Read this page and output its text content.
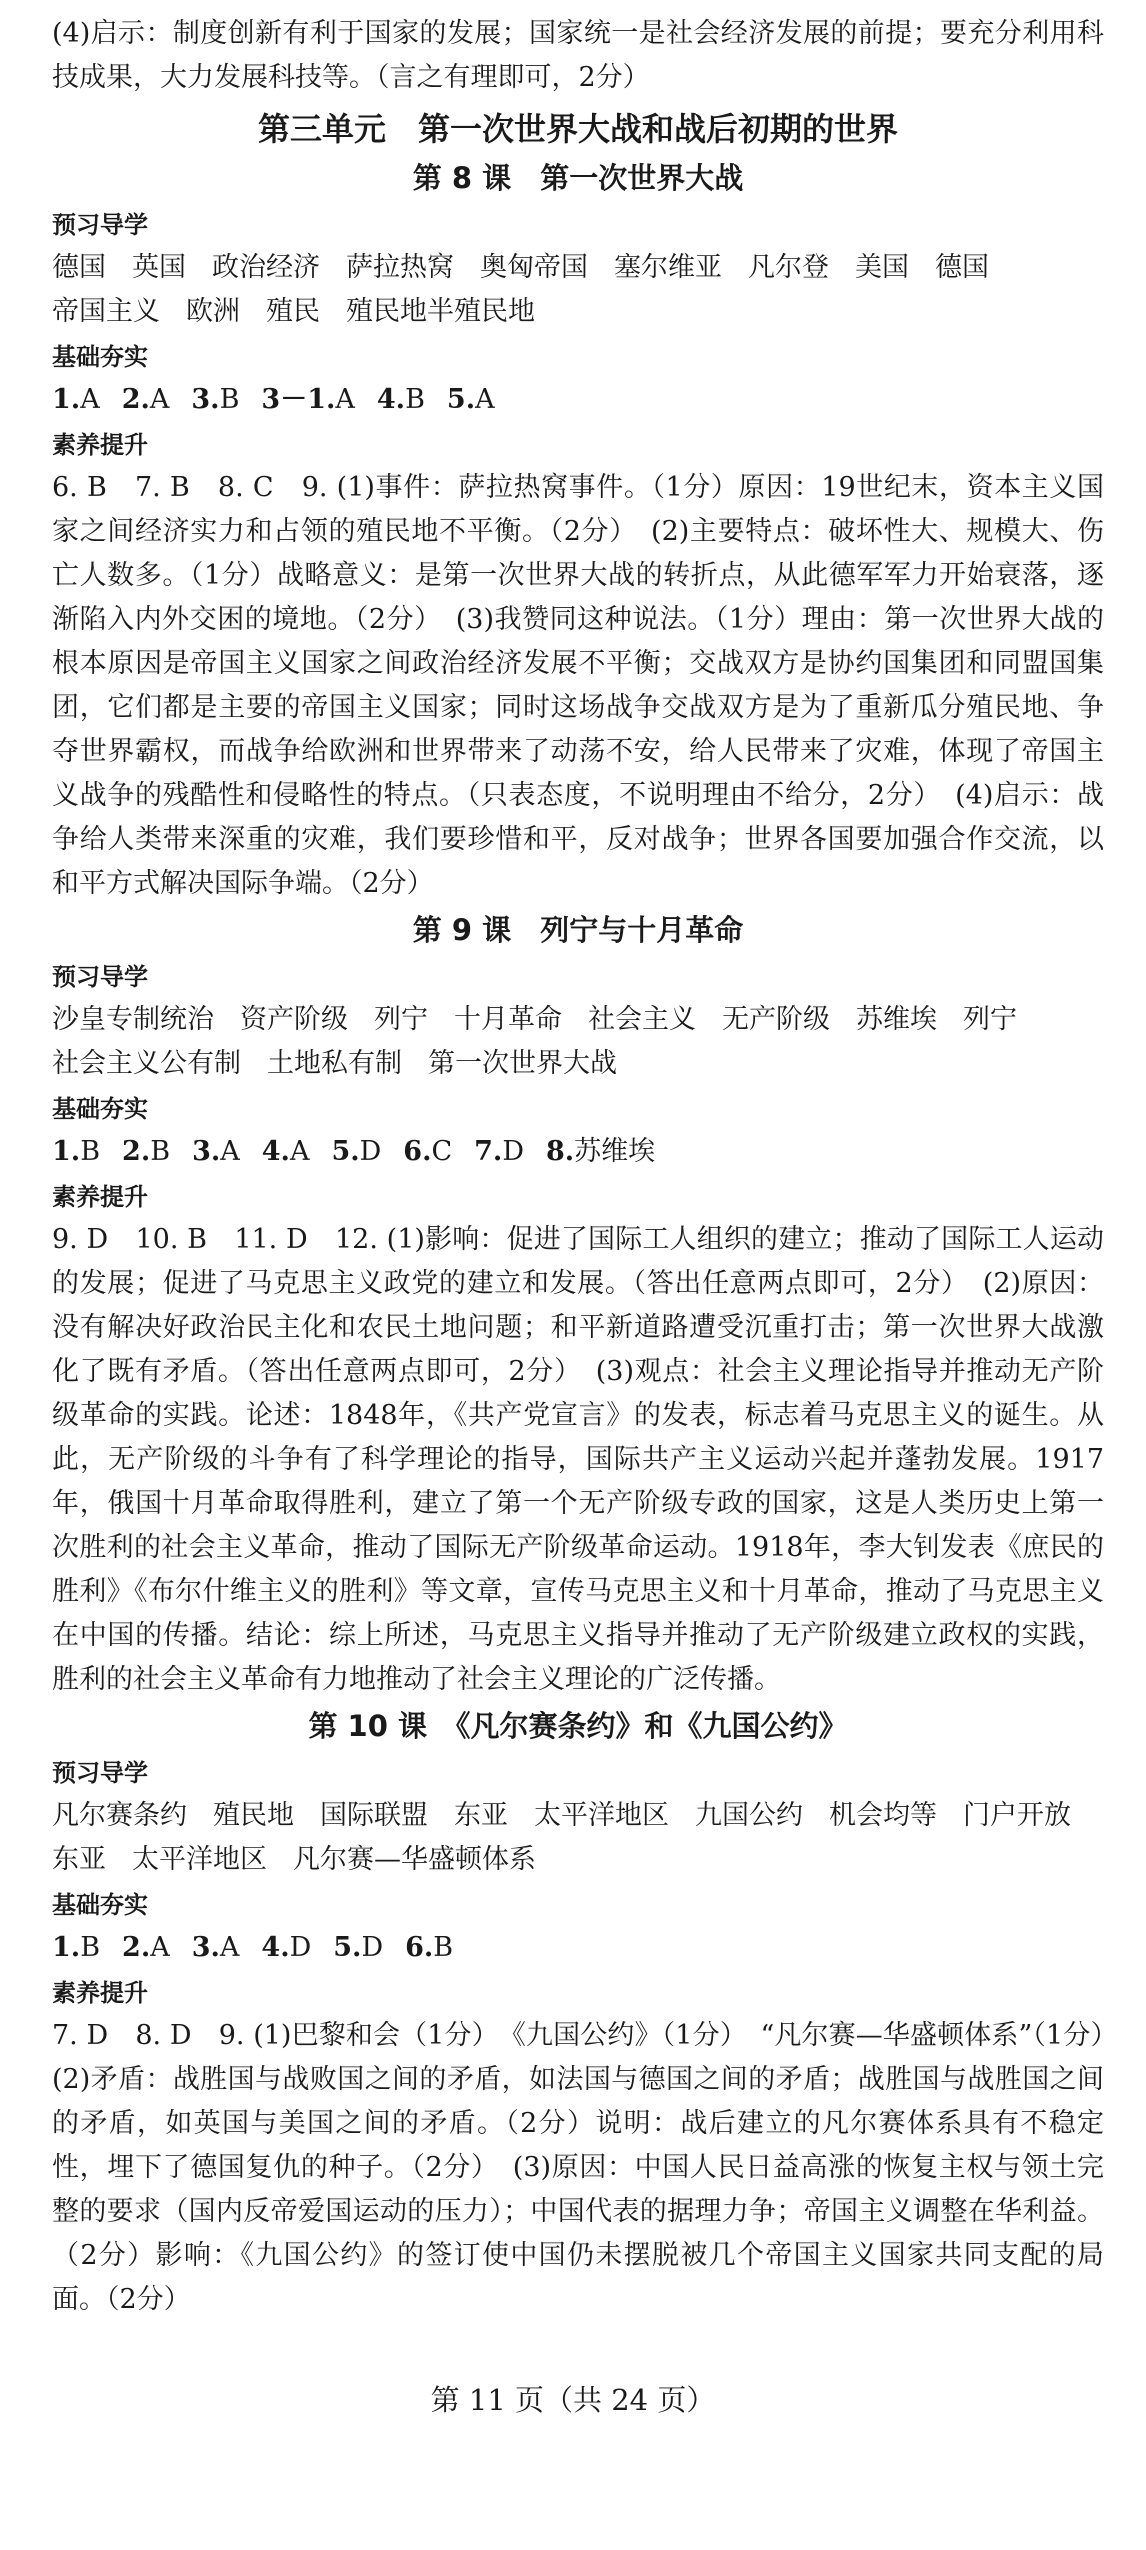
(4)启示：制度创新有利于国家的发展；国家统一是社会经济发展的前提；要充分利用科技成果，大力发展科技等。（言之有理即可，2分）

第三单元　第一次世界大战和战后初期的世界
第 8 课　 第一次世界大战
预习导学
德国 英国 政治经济 萨拉热窝 奥匈帝国 塞尔维亚 凡尔登 美国 德国帝国主义 欧洲 殖民 殖民地半殖民地
基础夯实
1.A 2.A 3.B 3－1.A 4.B 5.A
素养提升

6. B　7. B　8. C　9. (1)事件：萨拉热窝事件。（1分）原因：19世纪末，资本主义国家之间经济实力和占领的殖民地不平衡。（2分）　(2)主要特点：破坏性大、规模大、伤亡人数多。（1分）战略意义：是第一次世界大战的转折点，从此德军军力开始衰落，逐渐陷入内外交困的境地。（2分）　(3)我赞同这种说法。（1分）理由：第一次世界大战的根本原因是帝国主义国家之间政治经济发展不平衡；交战双方是协约国集团和同盟国集团，它们都是主要的帝国主义国家；同时这场战争交战双方是为了重新瓜分殖民地、争夺世界霸权，而战争给欧洲和世界带来了动荡不安，给人民带来了灾难，体现了帝国主义战争的残酷性和侵略性的特点。（只表态度，不说明理由不给分，2分）　(4)启示：战争给人类带来深重的灾难，我们要珍惜和平，反对战争；世界各国要加强合作交流，以和平方式解决国际争端。（2分）

第 9 课　 列宁与十月革命
预习导学
沙皇专制统治 资产阶级 列宁 十月革命 社会主义 无产阶级 苏维埃 列宁社会主义公有制 土地私有制 第一次世界大战
基础夯实
1.B 2.B 3.A 4.A 5.D 6.C 7.D 8.苏维埃
素养提升

9. D　10. B　11. D　12. (1)影响：促进了国际工人组织的建立；推动了国际工人运动的发展；促进了马克思主义政党的建立和发展。（答出任意两点即可，2分）　(2)原因：没有解决好政治民主化和农民土地问题；和平新道路遭受沉重打击；第一次世界大战激化了既有矛盾。（答出任意两点即可，2分）　(3)观点：社会主义理论指导并推动无产阶级革命的实践。论述：1848年，《共产党宣言》的发表，标志着马克思主义的诞生。从此，无产阶级的斗争有了科学理论的指导，国际共产主义运动兴起并蓬勃发展。1917年，俄国十月革命取得胜利，建立了第一个无产阶级专政的国家，这是人类历史上第一次胜利的社会主义革命，推动了国际无产阶级革命运动。1918年，李大钊发表《庶民的胜利》《布尔什维主义的胜利》等文章，宣传马克思主义和十月革命，推动了马克思主义在中国的传播。结论：综上所述，马克思主义指导并推动了无产阶级建立政权的实践，胜利的社会主义革命有力地推动了社会主义理论的广泛传播。

第 10 课　 《凡尔赛条约》和《九国公约》
预习导学
凡尔赛条约 殖民地 国际联盟 东亚 太平洋地区 九国公约 机会均等 门户开放东亚 太平洋地区 凡尔赛—华盛顿体系
基础夯实
1.B 2.A 3.A 4.D 5.D 6.B
素养提升

7. D　8. D　9. (1)巴黎和会（1分）　《九国公约》（1分）　“凡尔赛—华盛顿体系”（1分）　(2)矛盾：战胜国与战败国之间的矛盾，如法国与德国之间的矛盾；战胜国与战胜国之间的矛盾，如英国与美国之间的矛盾。（2分）说明：战后建立的凡尔赛体系具有不稳定性，埋下了德国复仇的种子。（2分）　(3)原因：中国人民日益高涨的恢复主权与领土完整的要求（国内反帝爱国运动的压力）；中国代表的据理力争；帝国主义调整在华利益。（2分）影响：《九国公约》的签订使中国仍未摆脱被几个帝国主义国家共同支配的局面。（2分）

第 11 页（共 24 页）
